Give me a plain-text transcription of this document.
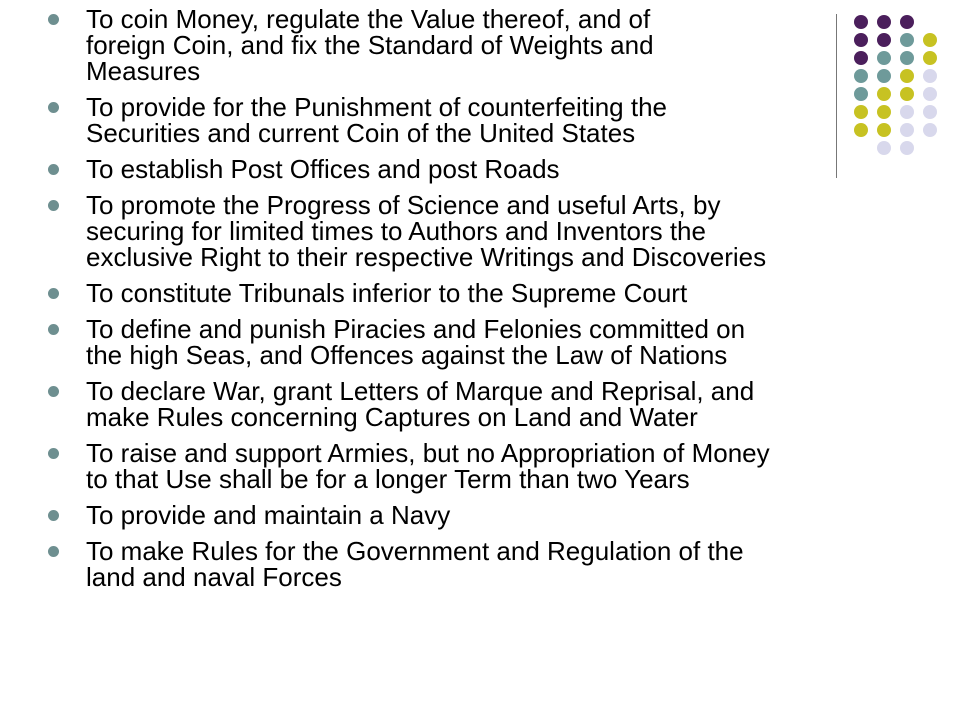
To coin Money, regulate the Value thereof, and of
foreign Coin, and fix the Standard of Weights and
Measures
To provide for the Punishment of counterfeiting the
Securities and current Coin of the United States
To establish Post Offices and post Roads
To promote the Progress of Science and useful Arts, by
securing for limited times to Authors and Inventors the
exclusive Right to their respective Writings and Discoveries
To constitute Tribunals inferior to the Supreme Court
To define and punish Piracies and Felonies committed on
the high Seas, and Offences against the Law of Nations
To declare War, grant Letters of Marque and Reprisal, and
make Rules concerning Captures on Land and Water
To raise and support Armies, but no Appropriation of Money
to that Use shall be for a longer Term than two Years
To provide and maintain a Navy
To make Rules for the Government and Regulation of the
land and naval Forces
